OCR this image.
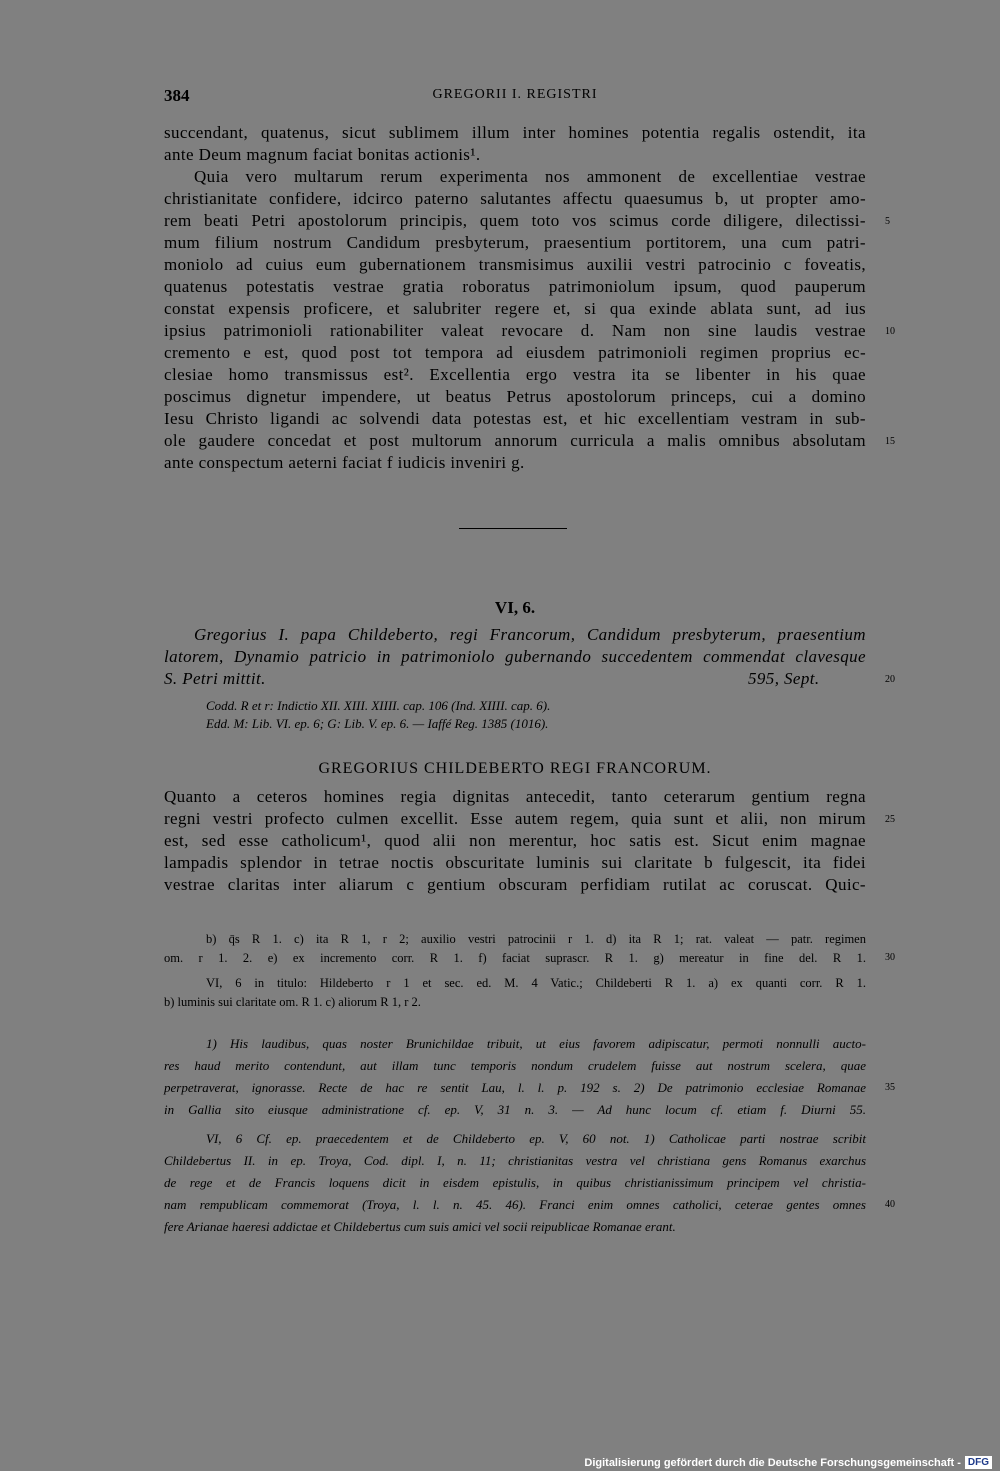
384	GREGORII I. REGISTRI
succendant, quatenus, sicut sublimem illum inter homines potentia regalis ostendit, ita
ante Deum magnum faciat bonitas actionis¹.
Quia vero multarum rerum experimenta nos ammonent de excellentiae vestrae
christianitate confidere, idcirco paterno salutantes affectu quaesumus b, ut propter amo-
rem beati Petri apostolorum principis, quem toto vos scimus corde diligere, dilectissi- 5
mum filium nostrum Candidum presbyterum, praesentium portitorem, una cum patri-
moniolo ad cuius eum gubernationem transmisimus auxilii vestri patrocinio c foveatis,
quatenus potestatis vestrae gratia roboratus patrimoniolum ipsum, quod pauperum
constat expensis proficere, et salubriter regere et, si qua exinde ablata sunt, ad ius
ipsius patrimonioli rationabiliter valeat revocare d. Nam non sine laudis vestrae 10
cremento e est, quod post tot tempora ad eiusdem patrimonioli regimen proprius ec-
clesiae homo transmissus est². Excellentia ergo vestra ita se libenter in his quae
poscimus dignetur impendere, ut beatus Petrus apostolorum princeps, cui a domino
Iesu Christo ligandi ac solvendi data potestas est, et hic excellentiam vestram in sub-
ole gaudere concedat et post multorum annorum curricula a malis omnibus absolutam 15
ante conspectum aeterni faciat f iudicis inveniri g.
VI, 6.
Gregorius I. papa Childeberto, regi Francorum, Candidum presbyterum, praesentium
latorem, Dynamio patricio in patrimoniolo gubernando succedentem commendat clavesque
S. Petri mittit.	595, Sept.	20
Codd. R et r: Indictio XII. XIII. XIIII. cap. 106 (Ind. XIIII. cap. 6).
Edd. M: Lib. VI. ep. 6; G: Lib. V. ep. 6. — Iaffé Reg. 1385 (1016).
GREGORIUS CHILDEBERTO REGI FRANCORUM.
Quanto a ceteros homines regia dignitas antecedit, tanto ceterarum gentium regna
regni vestri profecto culmen excellit. Esse autem regem, quia sunt et alii, non mirum 25
est, sed esse catholicum¹, quod alii non merentur, hoc satis est. Sicut enim magnae
lampadis splendor in tetrae noctis obscuritate luminis sui claritate b fulgescit, ita fidei
vestrae claritas inter aliarum c gentium obscuram perfidiam rutilat ac coruscat. Quic-
b) q̄s R 1. c) ita R 1, r 2; auxilio vestri patrocinii r 1. d) ita R 1; rat. valeat — patr. regimen
om. r 1. 2. e) ex incremento corr. R 1. f) faciat suprascr. R 1. g) mereatur in fine del. R 1. 30
VI, 6 in titulo: Hildeberto r 1 et sec. ed. M. 4 Vatic.; Childeberti R 1. a) ex quanti corr. R 1.
b) luminis sui claritate om. R 1. c) aliorum R 1, r 2.
1) His laudibus, quas noster Brunichildae tribuit, ut eius favorem adipiscatur, permoti nonnulli aucto-
res haud merito contendunt, aut illam tunc temporis nondum crudelem fuisse aut nostrum scelera, quae
perpetraverat, ignorasse. Recte de hac re sentit Lau, l. l. p. 192 s. 2) De patrimonio ecclesiae Romanae 35
in Gallia sito eiusque administratione cf. ep. V, 31 n. 3. — Ad hunc locum cf. etiam f. Diurni 55.
VI, 6 Cf. ep. praecedentem et de Childeberto ep. V, 60 not. 1) Catholicae parti nostrae scribit
Childebertus II. in ep. Troya, Cod. dipl. I, n. 11; christianitas vestra vel christiana gens Romanus exarchus
de rege et de Francis loquens dicit in eisdem epistulis, in quibus christianissimum principem vel christia-
nam rempublicam commemorat (Troya, l. l. n. 45. 46). Franci enim omnes catholici, ceterae gentes omnes 40
fere Arianae haeresi addictae et Childebertus cum suis amici vel socii reipublicae Romanae erant.
Digitalisierung gefördert durch die Deutsche Forschungsgemeinschaft - DFG
